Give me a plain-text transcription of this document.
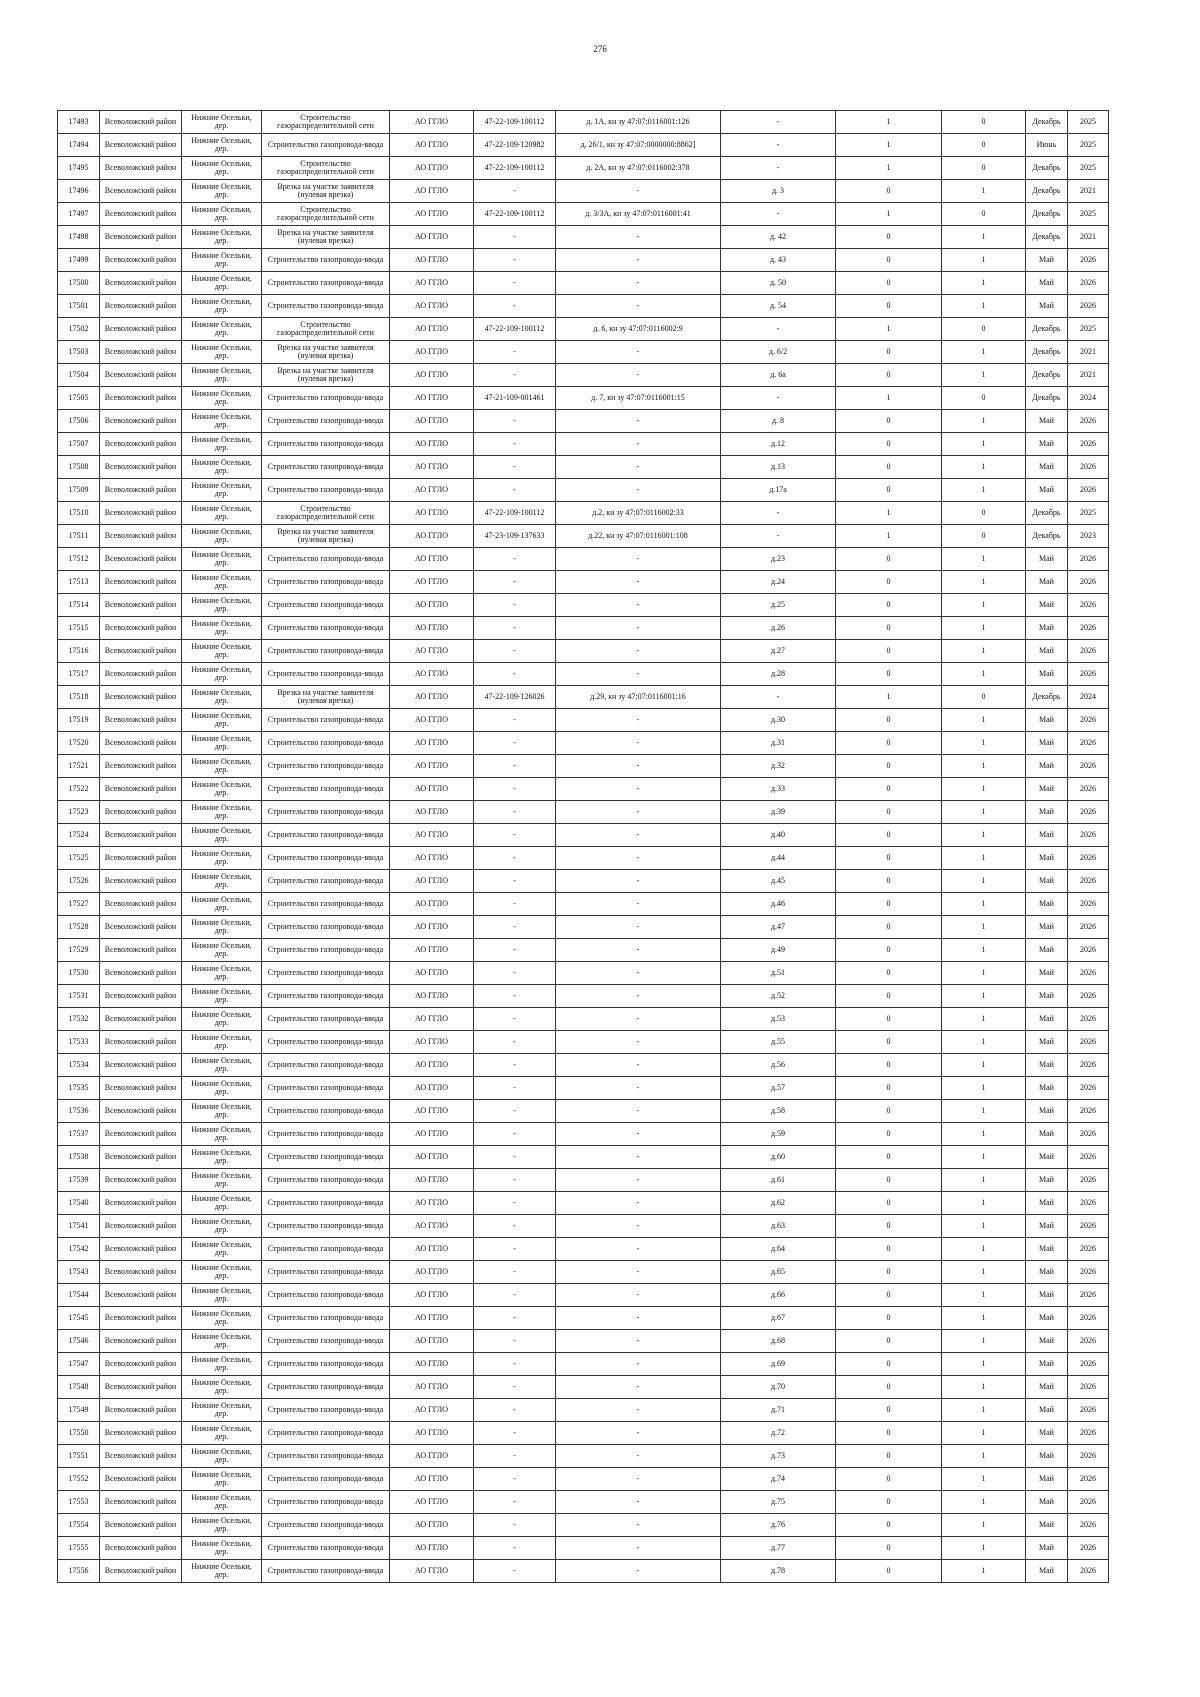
276
17493	Всеволожский район	Нижние Осельки, дер.	Строительство газораспределительной сети	АО ГГЛО	47-22-109-100112	д. 1А, кн зу 47:07:0116001:126	-	1	0	Декабрь	2025
17494	Всеволожский район	Нижние Осельки, дер.	Строительство газопровода-ввода	АО ГГЛО	47-22-109-120982	д. 26/1, кн зу 47:07:0000000:8862]	-	1	0	Июнь	2025
17495	Всеволожский район	Нижние Осельки, дер.	Строительство газораспределительной сети	АО ГГЛО	47-22-109-100112	д. 2А, кн зу 47:07:0116002:378	-	1	0	Декабрь	2025
17496	Всеволожский район	Нижние Осельки, дер.	Врезка на участке заявителя (нулевая врезка)	АО ГГЛО	-	-	д. 3	0	1	Декабрь	2021
17497	Всеволожский район	Нижние Осельки, дер.	Строительство газораспределительной сети	АО ГГЛО	47-22-109-100112	д. 3/3А, кн зу 47:07:0116001:41	-	1	0	Декабрь	2025
17498	Всеволожский район	Нижние Осельки, дер.	Врезка на участке заявителя (нулевая врезка)	АО ГГЛО	-	-	д. 42	0	1	Декабрь	2021
17499	Всеволожский район	Нижние Осельки, дер.	Строительство газопровода-ввода	АО ГГЛО	-	-	д. 43	0	1	Май	2026
17500	Всеволожский район	Нижние Осельки, дер.	Строительство газопровода-ввода	АО ГГЛО	-	-	д. 50	0	1	Май	2026
17501	Всеволожский район	Нижние Осельки, дер.	Строительство газопровода-ввода	АО ГГЛО	-	-	д. 54	0	1	Май	2026
17502	Всеволожский район	Нижние Осельки, дер.	Строительство газораспределительной сети	АО ГГЛО	47-22-109-100112	д. 6, кн зу 47:07:0116002:9	-	1	0	Декабрь	2025
17503	Всеволожский район	Нижние Осельки, дер.	Врезка на участке заявителя (нулевая врезка)	АО ГГЛО	-	-	д. 6/2	0	1	Декабрь	2021
17504	Всеволожский район	Нижние Осельки, дер.	Врезка на участке заявителя (нулевая врезка)	АО ГГЛО	-	-	д. 6а	0	1	Декабрь	2021
17505	Всеволожский район	Нижние Осельки, дер.	Строительство газопровода-ввода	АО ГГЛО	47-21-109-001461	д. 7, кн зу 47:07:0116001:15	-	1	0	Декабрь	2024
17506	Всеволожский район	Нижние Осельки, дер.	Строительство газопровода-ввода	АО ГГЛО	-	-	д. 8	0	1	Май	2026
17507	Всеволожский район	Нижние Осельки, дер.	Строительство газопровода-ввода	АО ГГЛО	-	-	д.12	0	1	Май	2026
17508	Всеволожский район	Нижние Осельки, дер.	Строительство газопровода-ввода	АО ГГЛО	-	-	д.13	0	1	Май	2026
17509	Всеволожский район	Нижние Осельки, дер.	Строительство газопровода-ввода	АО ГГЛО	-	-	д.17а	0	1	Май	2026
17510	Всеволожский район	Нижние Осельки, дер.	Строительство газораспределительной сети	АО ГГЛО	47-22-109-100112	д.2, кн зу 47:07:0116002:33	-	1	0	Декабрь	2025
17511	Всеволожский район	Нижние Осельки, дер.	Врезка на участке заявителя (нулевая врезка)	АО ГГЛО	47-23-109-137633	д.22, кн зу 47:07:0116001:108	-	1	0	Декабрь	2023
17512	Всеволожский район	Нижние Осельки, дер.	Строительство газопровода-ввода	АО ГГЛО	-	-	д.23	0	1	Май	2026
17513	Всеволожский район	Нижние Осельки, дер.	Строительство газопровода-ввода	АО ГГЛО	-	-	д.24	0	1	Май	2026
17514	Всеволожский район	Нижние Осельки, дер.	Строительство газопровода-ввода	АО ГГЛО	-	-	д.25	0	1	Май	2026
17515	Всеволожский район	Нижние Осельки, дер.	Строительство газопровода-ввода	АО ГГЛО	-	-	д.26	0	1	Май	2026
17516	Всеволожский район	Нижние Осельки, дер.	Строительство газопровода-ввода	АО ГГЛО	-	-	д.27	0	1	Май	2026
17517	Всеволожский район	Нижние Осельки, дер.	Строительство газопровода-ввода	АО ГГЛО	-	-	д.28	0	1	Май	2026
17518	Всеволожский район	Нижние Осельки, дер.	Врезка на участке заявителя (нулевая врезка)	АО ГГЛО	47-22-109-126026	д.29, кн зу 47:07:0116001:16	-	1	0	Декабрь	2024
17519	Всеволожский район	Нижние Осельки, дер.	Строительство газопровода-ввода	АО ГГЛО	-	-	д.30	0	1	Май	2026
17520	Всеволожский район	Нижние Осельки, дер.	Строительство газопровода-ввода	АО ГГЛО	-	-	д.31	0	1	Май	2026
17521	Всеволожский район	Нижние Осельки, дер.	Строительство газопровода-ввода	АО ГГЛО	-	-	д.32	0	1	Май	2026
17522	Всеволожский район	Нижние Осельки, дер.	Строительство газопровода-ввода	АО ГГЛО	-	-	д.33	0	1	Май	2026
17523	Всеволожский район	Нижние Осельки, дер.	Строительство газопровода-ввода	АО ГГЛО	-	-	д.39	0	1	Май	2026
17524	Всеволожский район	Нижние Осельки, дер.	Строительство газопровода-ввода	АО ГГЛО	-	-	д.40	0	1	Май	2026
17525	Всеволожский район	Нижние Осельки, дер.	Строительство газопровода-ввода	АО ГГЛО	-	-	д.44	0	1	Май	2026
17526	Всеволожский район	Нижние Осельки, дер.	Строительство газопровода-ввода	АО ГГЛО	-	-	д.45	0	1	Май	2026
17527	Всеволожский район	Нижние Осельки, дер.	Строительство газопровода-ввода	АО ГГЛО	-	-	д.46	0	1	Май	2026
17528	Всеволожский район	Нижние Осельки, дер.	Строительство газопровода-ввода	АО ГГЛО	-	-	д.47	0	1	Май	2026
17529	Всеволожский район	Нижние Осельки, дер.	Строительство газопровода-ввода	АО ГГЛО	-	-	д.49	0	1	Май	2026
17530	Всеволожский район	Нижние Осельки, дер.	Строительство газопровода-ввода	АО ГГЛО	-	-	д.51	0	1	Май	2026
17531	Всеволожский район	Нижние Осельки, дер.	Строительство газопровода-ввода	АО ГГЛО	-	-	д.52	0	1	Май	2026
17532	Всеволожский район	Нижние Осельки, дер.	Строительство газопровода-ввода	АО ГГЛО	-	-	д.53	0	1	Май	2026
17533	Всеволожский район	Нижние Осельки, дер.	Строительство газопровода-ввода	АО ГГЛО	-	-	д.55	0	1	Май	2026
17534	Всеволожский район	Нижние Осельки, дер.	Строительство газопровода-ввода	АО ГГЛО	-	-	д.56	0	1	Май	2026
17535	Всеволожский район	Нижние Осельки, дер.	Строительство газопровода-ввода	АО ГГЛО	-	-	д.57	0	1	Май	2026
17536	Всеволожский район	Нижние Осельки, дер.	Строительство газопровода-ввода	АО ГГЛО	-	-	д.58	0	1	Май	2026
17537	Всеволожский район	Нижние Осельки, дер.	Строительство газопровода-ввода	АО ГГЛО	-	-	д.59	0	1	Май	2026
17538	Всеволожский район	Нижние Осельки, дер.	Строительство газопровода-ввода	АО ГГЛО	-	-	д.60	0	1	Май	2026
17539	Всеволожский район	Нижние Осельки, дер.	Строительство газопровода-ввода	АО ГГЛО	-	-	д.61	0	1	Май	2026
17540	Всеволожский район	Нижние Осельки, дер.	Строительство газопровода-ввода	АО ГГЛО	-	-	д.62	0	1	Май	2026
17541	Всеволожский район	Нижние Осельки, дер.	Строительство газопровода-ввода	АО ГГЛО	-	-	д.63	0	1	Май	2026
17542	Всеволожский район	Нижние Осельки, дер.	Строительство газопровода-ввода	АО ГГЛО	-	-	д.64	0	1	Май	2026
17543	Всеволожский район	Нижние Осельки, дер.	Строительство газопровода-ввода	АО ГГЛО	-	-	д.65	0	1	Май	2026
17544	Всеволожский район	Нижние Осельки, дер.	Строительство газопровода-ввода	АО ГГЛО	-	-	д.66	0	1	Май	2026
17545	Всеволожский район	Нижние Осельки, дер.	Строительство газопровода-ввода	АО ГГЛО	-	-	д.67	0	1	Май	2026
17546	Всеволожский район	Нижние Осельки, дер.	Строительство газопровода-ввода	АО ГГЛО	-	-	д.68	0	1	Май	2026
17547	Всеволожский район	Нижние Осельки, дер.	Строительство газопровода-ввода	АО ГГЛО	-	-	д.69	0	1	Май	2026
17548	Всеволожский район	Нижние Осельки, дер.	Строительство газопровода-ввода	АО ГГЛО	-	-	д.70	0	1	Май	2026
17549	Всеволожский район	Нижние Осельки, дер.	Строительство газопровода-ввода	АО ГГЛО	-	-	д.71	0	1	Май	2026
17550	Всеволожский район	Нижние Осельки, дер.	Строительство газопровода-ввода	АО ГГЛО	-	-	д.72	0	1	Май	2026
17551	Всеволожский район	Нижние Осельки, дер.	Строительство газопровода-ввода	АО ГГЛО	-	-	д.73	0	1	Май	2026
17552	Всеволожский район	Нижние Осельки, дер.	Строительство газопровода-ввода	АО ГГЛО	-	-	д.74	0	1	Май	2026
17553	Всеволожский район	Нижние Осельки, дер.	Строительство газопровода-ввода	АО ГГЛО	-	-	д.75	0	1	Май	2026
17554	Всеволожский район	Нижние Осельки, дер.	Строительство газопровода-ввода	АО ГГЛО	-	-	д.76	0	1	Май	2026
17555	Всеволожский район	Нижние Осельки, дер.	Строительство газопровода-ввода	АО ГГЛО	-	-	д.77	0	1	Май	2026
17556	Всеволожский район	Нижние Осельки, дер.	Строительство газопровода-ввода	АО ГГЛО	-	-	д.78	0	1	Май	2026
